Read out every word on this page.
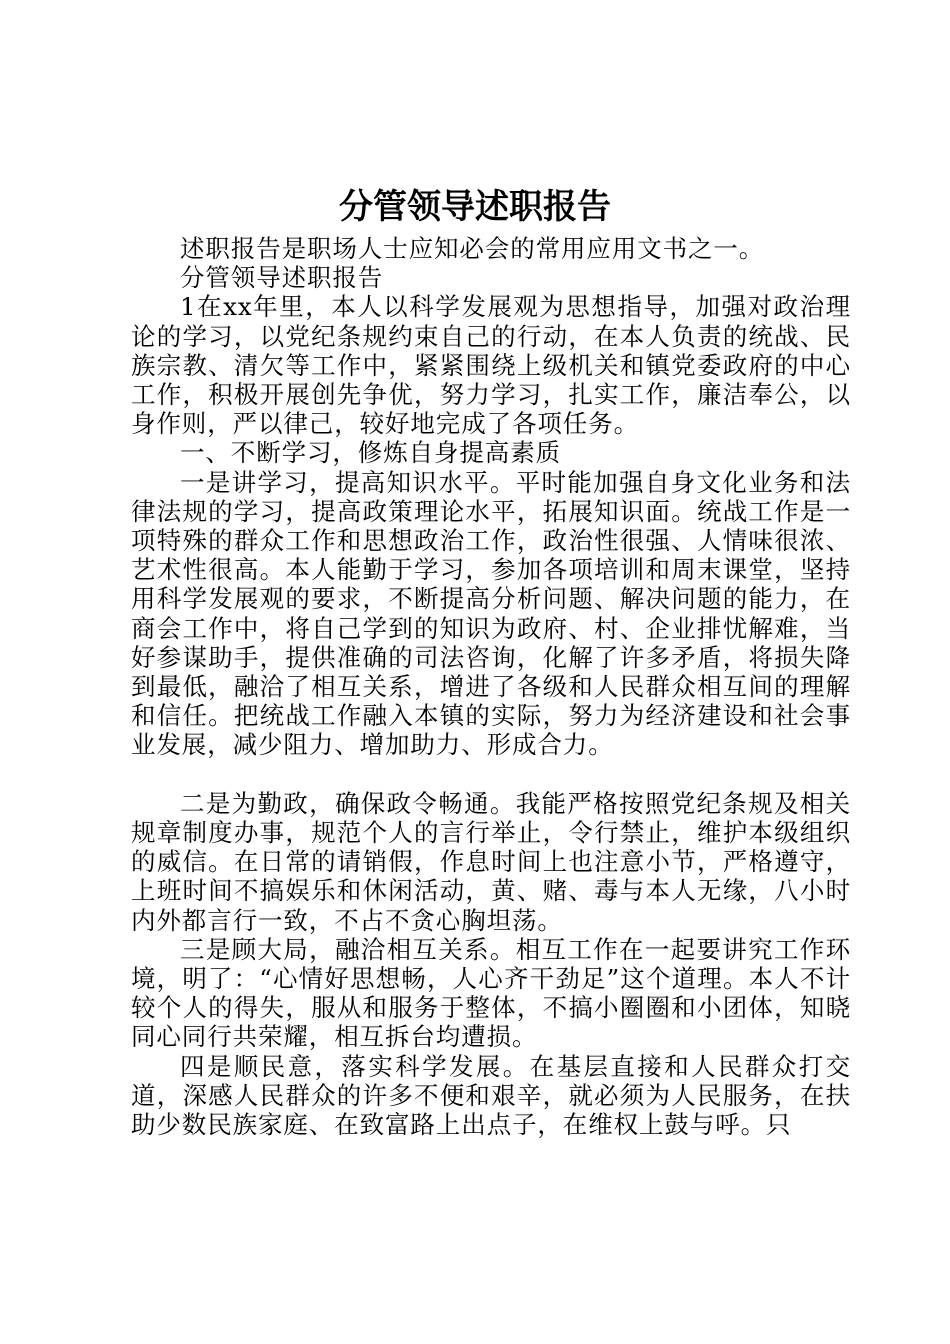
分管领导述职报告

述职报告是职场人士应知必会的常用应用文书之一。

分管领导述职报告

1在xx年里，本人以科学发展观为思想指导，加强对政治理论的学习，以党纪条规约束自己的行动，在本人负责的统战、民族宗教、清欠等工作中，紧紧围绕上级机关和镇党委政府的中心工作，积极开展创先争优，努力学习，扎实工作，廉洁奉公，以身作则，严以律己，较好地完成了各项任务。

一、不断学习，修炼自身提高素质

一是讲学习，提高知识水平。平时能加强自身文化业务和法律法规的学习，提高政策理论水平，拓展知识面。统战工作是一项特殊的群众工作和思想政治工作，政治性很强、人情味很浓、艺术性很高。本人能勤于学习，参加各项培训和周末课堂，坚持用科学发展观的要求，不断提高分析问题、解决问题的能力，在商会工作中，将自己学到的知识为政府、村、企业排忧解难，当好参谋助手，提供准确的司法咨询，化解了许多矛盾，将损失降到最低，融洽了相互关系，增进了各级和人民群众相互间的理解和信任。把统战工作融入本镇的实际，努力为经济建设和社会事业发展，减少阻力、增加助力、形成合力。

二是为勤政，确保政令畅通。我能严格按照党纪条规及相关规章制度办事，规范个人的言行举止，令行禁止，维护本级组织的威信。在日常的请销假，作息时间上也注意小节，严格遵守，上班时间不搞娱乐和休闲活动，黄、赌、毒与本人无缘，八小时内外都言行一致，不占不贪心胸坦荡。

三是顾大局，融洽相互关系。相互工作在一起要讲究工作环境，明了：“心情好思想畅，人心齐干劲足”这个道理。本人不计较个人的得失，服从和服务于整体，不搞小圈圈和小团体，知晓同心同行共荣耀，相互拆台均遭损。

四是顺民意，落实科学发展。在基层直接和人民群众打交道，深感人民群众的许多不便和艰辛，就必须为人民服务，在扶助少数民族家庭、在致富路上出点子，在维权上鼓与呼。只
